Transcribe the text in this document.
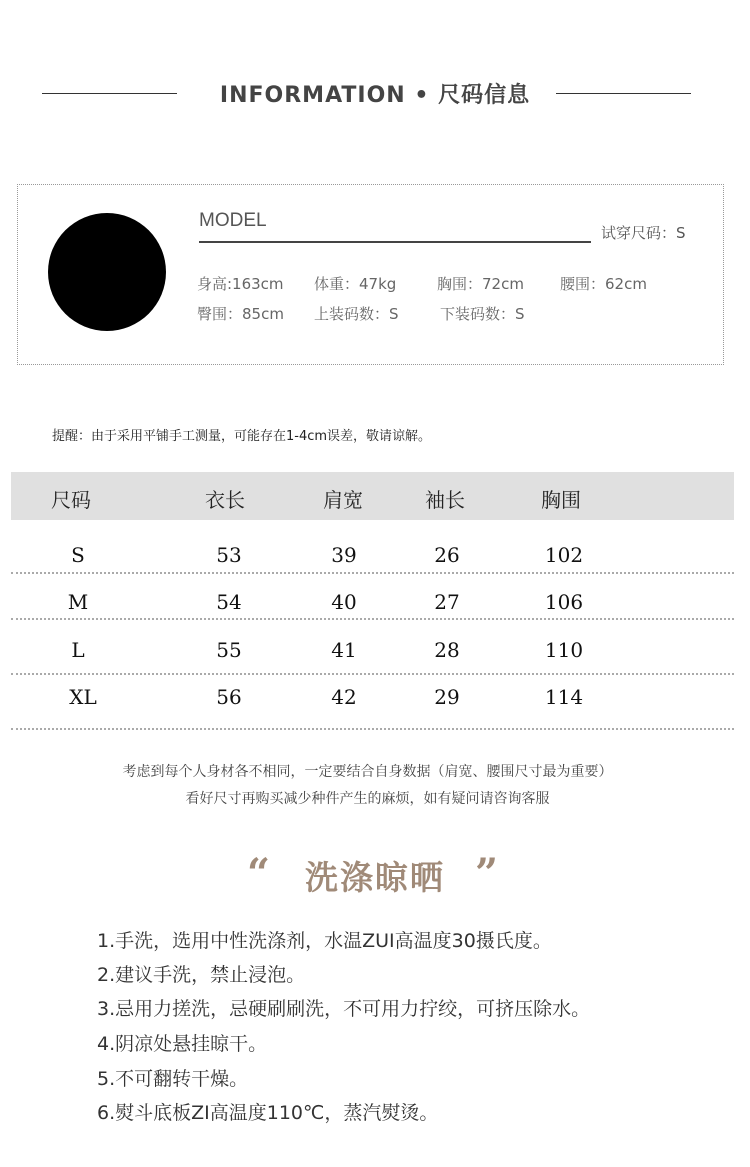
INFORMATION • 尺码信息
MODEL
试穿尺码：S
身高:163cm 体重：47kg	胸围：72cm 腰围：62cm
臀围：85cm 上装码数：S	下装码数：S
提醒：由于采用平铺手工测量，可能存在1-4cm误差，敬请谅解。
尺码	衣长	肩宽	袖长	胸围
S	53	39	26	102
M	54	40	27	106
L	55	41	28	110
XL	56	42	29	114
考虑到每个人身材各不相同，一定要结合自身数据（肩宽、腰围尺寸最为重要）
看好尺寸再购买减少种件产生的麻烦，如有疑问请咨询客服
“	洗涤晾晒 ”
1.手洗，选用中性洗涤剂，水温ZUI高温度30摄氏度。
2.建议手洗，禁止浸泡。
3.忌用力搓洗，忌硬刷刷洗，不可用力拧绞，可挤压除水。
4.阴凉处悬挂晾干。
5.不可翻转干燥。
6.熨斗底板ZI高温度110℃，蒸汽熨烫。
